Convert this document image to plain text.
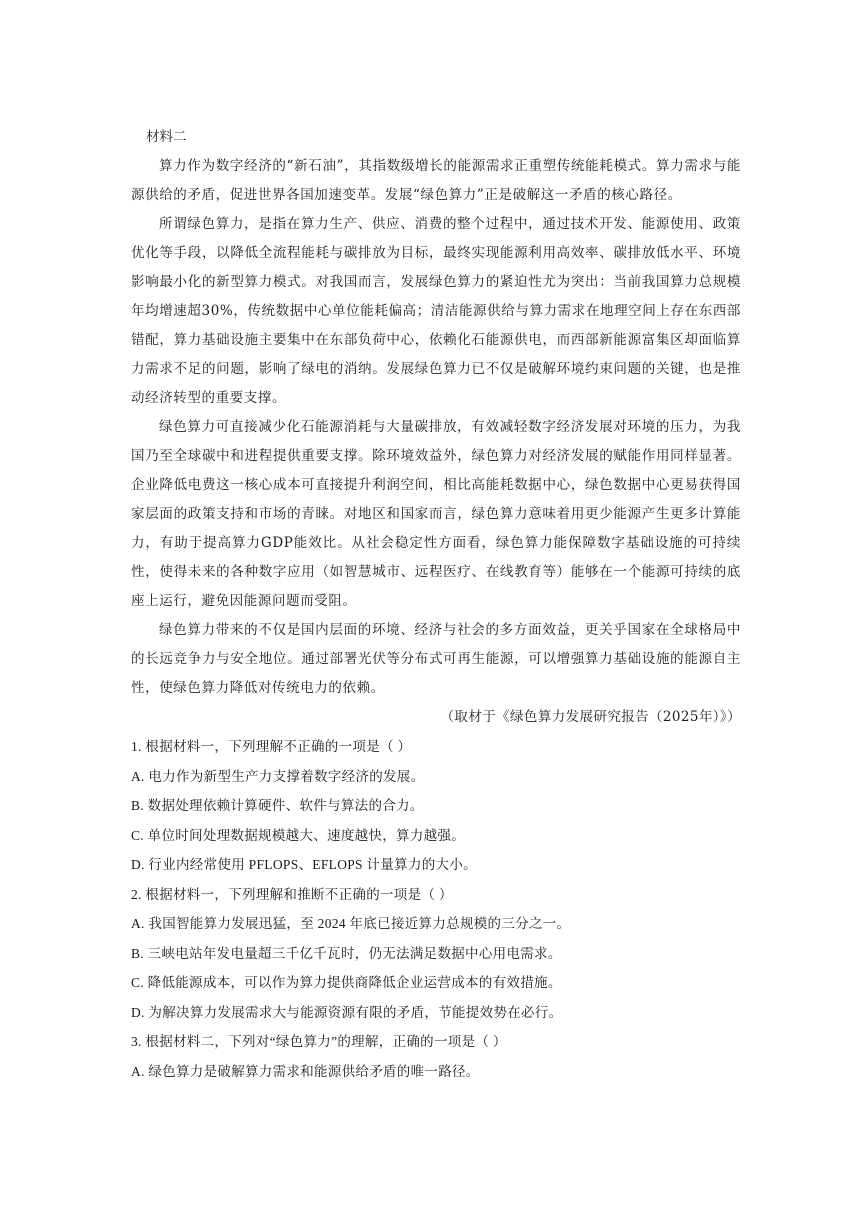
材料二

算力作为数字经济的“新石油”，其指数级增长的能源需求正重塑传统能耗模式。算力需求与能源供给的矛盾，促进世界各国加速变革。发展“绿色算力”正是破解这一矛盾的核心路径。

所谓绿色算力，是指在算力生产、供应、消费的整个过程中，通过技术开发、能源使用、政策优化等手段，以降低全流程能耗与碳排放为目标，最终实现能源利用高效率、碳排放低水平、环境影响最小化的新型算力模式。对我国而言，发展绿色算力的紧迫性尤为突出：当前我国算力总规模年均增速超30%，传统数据中心单位能耗偏高；清洁能源供给与算力需求在地理空间上存在东西部错配，算力基础设施主要集中在东部负荷中心，依赖化石能源供电，而西部新能源富集区却面临算力需求不足的问题，影响了绿电的消纳。发展绿色算力已不仅是破解环境约束问题的关键，也是推动经济转型的重要支撑。

绿色算力可直接减少化石能源消耗与大量碳排放，有效减轻数字经济发展对环境的压力，为我国乃至全球碳中和进程提供重要支撑。除环境效益外，绿色算力对经济发展的赋能作用同样显著。企业降低电费这一核心成本可直接提升利润空间，相比高能耗数据中心，绿色数据中心更易获得国家层面的政策支持和市场的青睐。对地区和国家而言，绿色算力意味着用更少能源产生更多计算能力，有助于提高算力GDP能效比。从社会稳定性方面看，绿色算力能保障数字基础设施的可持续性，使得未来的各种数字应用（如智慧城市、远程医疗、在线教育等）能够在一个能源可持续的底座上运行，避免因能源问题而受阻。

绿色算力带来的不仅是国内层面的环境、经济与社会的多方面效益，更关乎国家在全球格局中的长远竞争力与安全地位。通过部署光伏等分布式可再生能源，可以增强算力基础设施的能源自主性，使绿色算力降低对传统电力的依赖。

（取材于《绿色算力发展研究报告（2025年）》）

1. 根据材料一，下列理解不正确的一项是（ ）

A. 电力作为新型生产力支撑着数字经济的发展。

B. 数据处理依赖计算硬件、软件与算法的合力。

C. 单位时间处理数据规模越大、速度越快，算力越强。

D. 行业内经常使用 PFLOPS、EFLOPS 计量算力的大小。

2. 根据材料一，下列理解和推断不正确的一项是（ ）

A. 我国智能算力发展迅猛，至 2024 年底已接近算力总规模的三分之一。

B. 三峡电站年发电量超三千亿千瓦时，仍无法满足数据中心用电需求。

C. 降低能源成本，可以作为算力提供商降低企业运营成本的有效措施。

D. 为解决算力发展需求大与能源资源有限的矛盾，节能提效势在必行。

3. 根据材料二，下列对“绿色算力”的理解，正确的一项是（ ）

A. 绿色算力是破解算力需求和能源供给矛盾的唯一路径。
